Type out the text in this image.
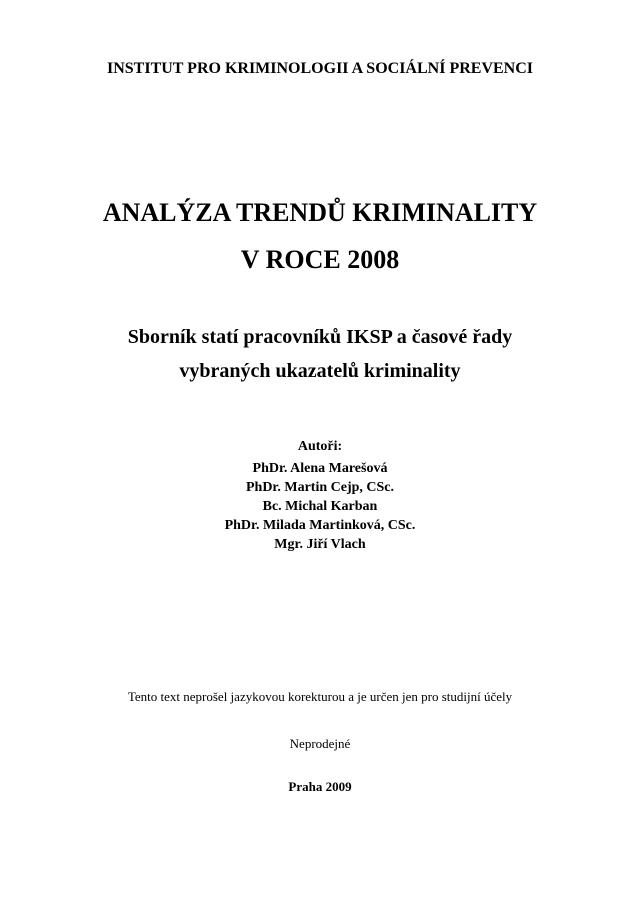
INSTITUT PRO KRIMINOLOGII A SOCIÁLNÍ PREVENCI
ANALÝZA TRENDŮ KRIMINALITY
V ROCE 2008
Sborník statí pracovníků IKSP a časové řady
vybraných ukazatelů kriminality
Autoři:
PhDr. Alena Marešová
PhDr. Martin Cejp, CSc.
Bc. Michal Karban
PhDr. Milada Martinková, CSc.
Mgr. Jiří Vlach
Tento text neprošel jazykovou korekturou a je určen jen pro studijní účely
Neprodejné
Praha 2009
